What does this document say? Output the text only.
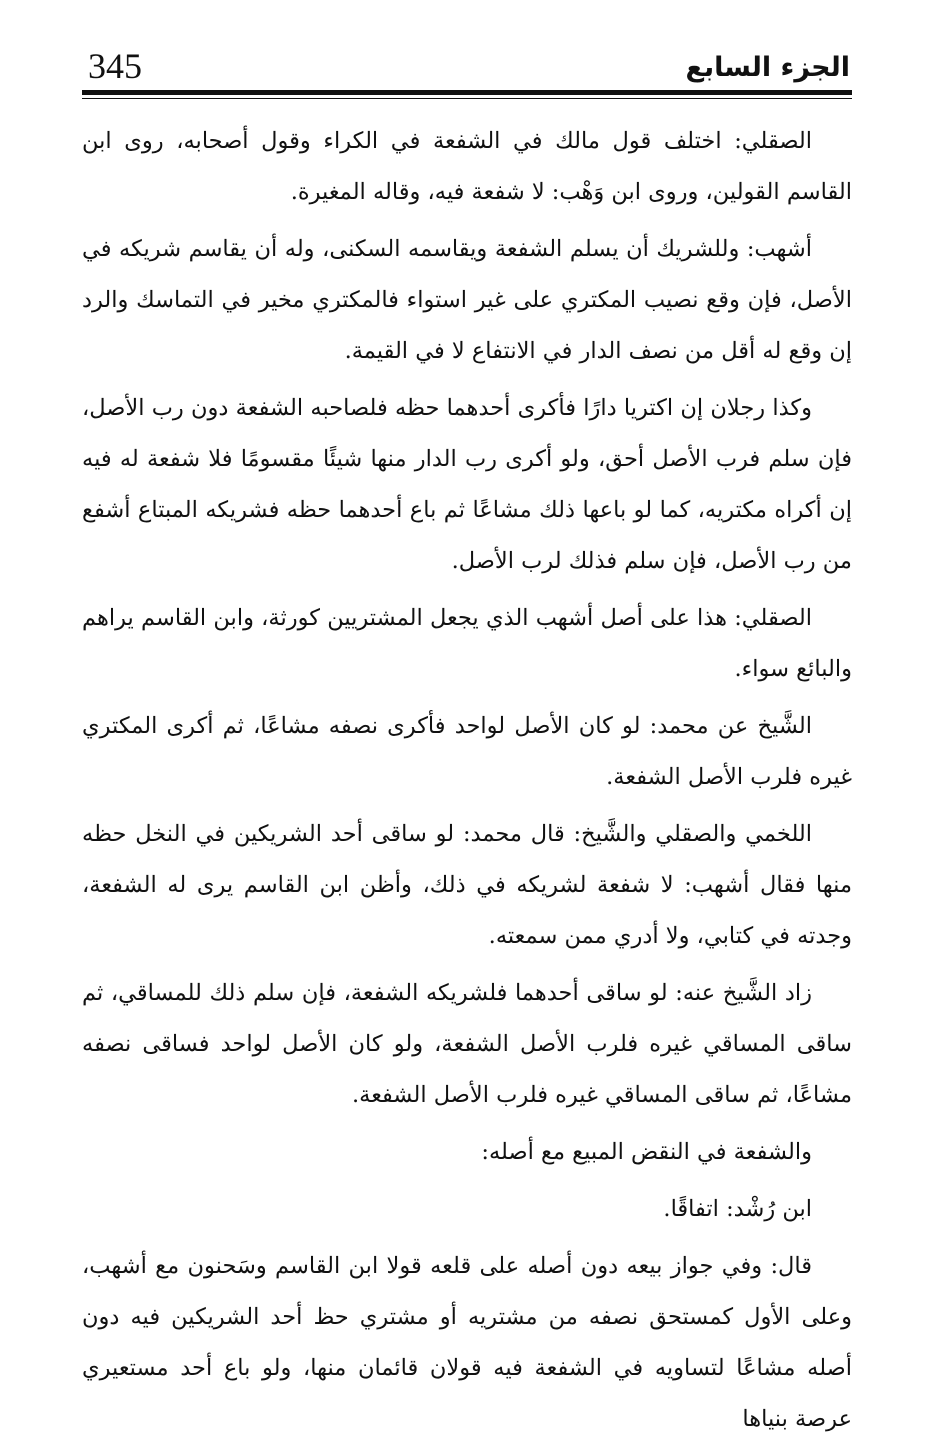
345	الجزء السابع

الصقلي: اختلف قول مالك في الشفعة في الكراء وقول أصحابه، روى ابن القاسم القولين، وروى ابن وَهْب: لا شفعة فيه، وقاله المغيرة.

أشهب: وللشريك أن يسلم الشفعة ويقاسمه السكنى، وله أن يقاسم شريكه في الأصل، فإن وقع نصيب المكتري على غير استواء فالمكتري مخير في التماسك والرد إن وقع له أقل من نصف الدار في الانتفاع لا في القيمة.

وكذا رجلان إن اكتريا دارًا فأكرى أحدهما حظه فلصاحبه الشفعة دون رب الأصل، فإن سلم فرب الأصل أحق، ولو أكرى رب الدار منها شيئًا مقسومًا فلا شفعة له فيه إن أكراه مكتريه، كما لو باعها ذلك مشاعًا ثم باع أحدهما حظه فشريكه المبتاع أشفع من رب الأصل، فإن سلم فذلك لرب الأصل.

الصقلي: هذا على أصل أشهب الذي يجعل المشتريين كورثة، وابن القاسم يراهم والبائع سواء.

الشَّيخ عن محمد: لو كان الأصل لواحد فأكرى نصفه مشاعًا، ثم أكرى المكتري غيره فلرب الأصل الشفعة.

اللخمي والصقلي والشَّيخ: قال محمد: لو ساقى أحد الشريكين في النخل حظه منها فقال أشهب: لا شفعة لشريكه في ذلك، وأظن ابن القاسم يرى له الشفعة، وجدته في كتابي، ولا أدري ممن سمعته.

زاد الشَّيخ عنه: لو ساقى أحدهما فلشريكه الشفعة، فإن سلم ذلك للمساقي، ثم ساقى المساقي غيره فلرب الأصل الشفعة، ولو كان الأصل لواحد فساقى نصفه مشاعًا، ثم ساقى المساقي غيره فلرب الأصل الشفعة.

والشفعة في النقض المبيع مع أصله:

ابن رُشْد: اتفاقًا.

قال: وفي جواز بيعه دون أصله على قلعه قولا ابن القاسم وسَحنون مع أشهب، وعلى الأول كمستحق نصفه من مشتريه أو مشتري حظ أحد الشريكين فيه دون أصله مشاعًا لتساويه في الشفعة فيه قولان قائمان منها، ولو باع أحد مستعيري عرصة بنياها
